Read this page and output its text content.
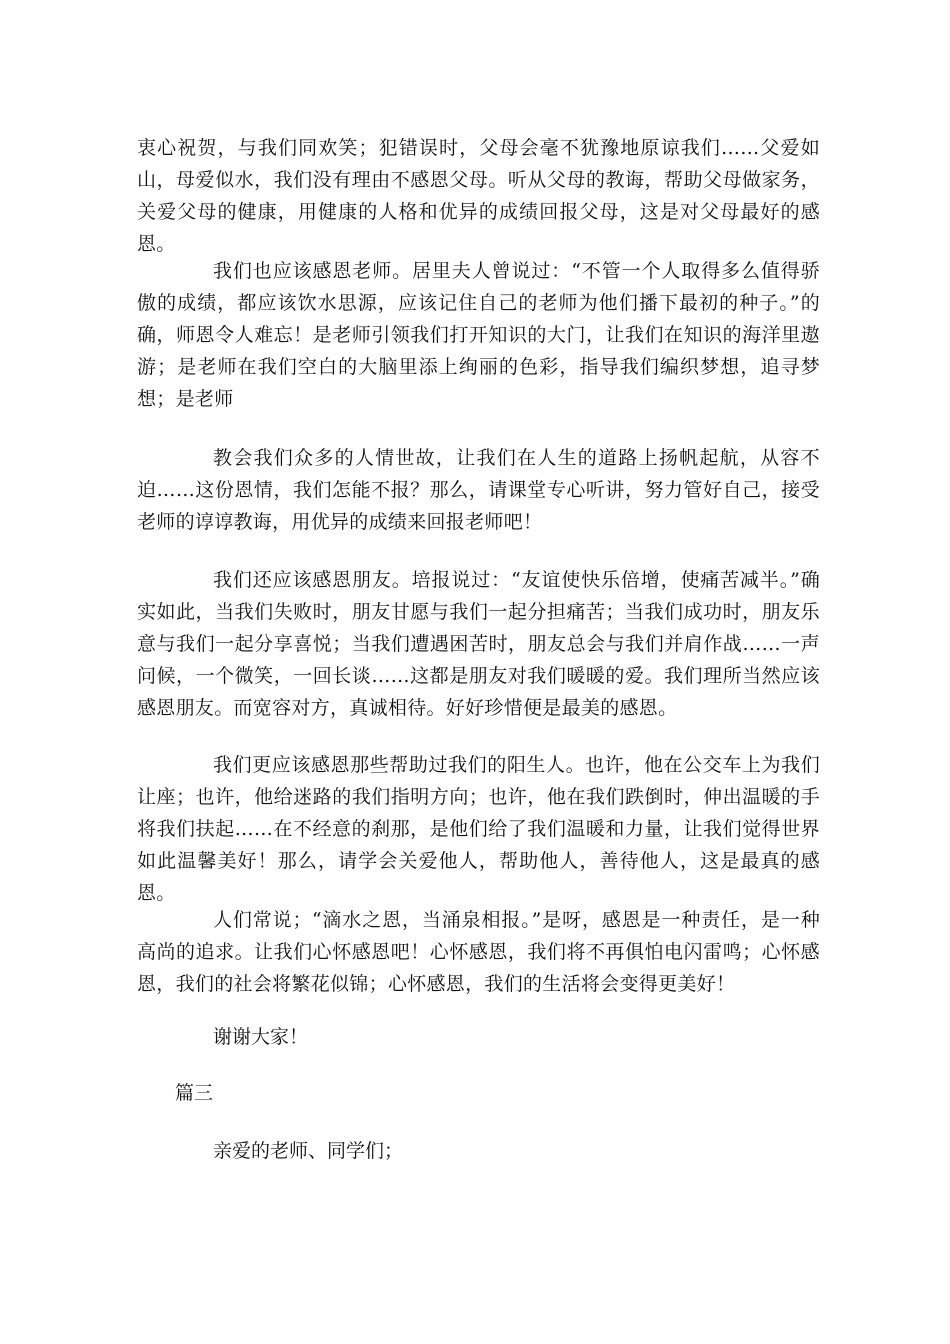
衷心祝贺，与我们同欢笑；犯错误时，父母会毫不犹豫地原谅我们……父爱如山，母爱似水，我们没有理由不感恩父母。听从父母的教诲，帮助父母做家务，关爱父母的健康，用健康的人格和优异的成绩回报父母，这是对父母最好的感恩。

我们也应该感恩老师。居里夫人曾说过：“不管一个人取得多么值得骄傲的成绩，都应该饮水思源，应该记住自己的老师为他们播下最初的种子。”的确，师恩令人难忘！是老师引领我们打开知识的大门，让我们在知识的海洋里遨游；是老师在我们空白的大脑里添上绚丽的色彩，指导我们编织梦想，追寻梦想；是老师

教会我们众多的人情世故，让我们在人生的道路上扬帆起航，从容不迫……这份恩情，我们怎能不报？那么，请课堂专心听讲，努力管好自己，接受老师的谆谆教诲，用优异的成绩来回报老师吧！

我们还应该感恩朋友。培报说过：“友谊使快乐倍增，使痛苦减半。”确实如此，当我们失败时，朋友甘愿与我们一起分担痛苦；当我们成功时，朋友乐意与我们一起分享喜悦；当我们遭遇困苦时，朋友总会与我们并肩作战……一声问候，一个微笑，一回长谈……这都是朋友对我们暖暖的爱。我们理所当然应该感恩朋友。而宽容对方，真诚相待。好好珍惜便是最美的感恩。

我们更应该感恩那些帮助过我们的阳生人。也许，他在公交车上为我们让座；也许，他给迷路的我们指明方向；也许，他在我们跌倒时，伸出温暖的手将我们扶起……在不经意的刹那，是他们给了我们温暖和力量，让我们觉得世界如此温馨美好！那么，请学会关爱他人，帮助他人，善待他人，这是最真的感恩。

人们常说；“滴水之恩，当涌泉相报。”是呀，感恩是一种责任，是一种高尚的追求。让我们心怀感恩吧！心怀感恩，我们将不再俱怕电闪雷鸣；心怀感恩，我们的社会将繁花似锦；心怀感恩，我们的生活将会变得更美好！

谢谢大家！

篇三

亲爱的老师、同学们；
